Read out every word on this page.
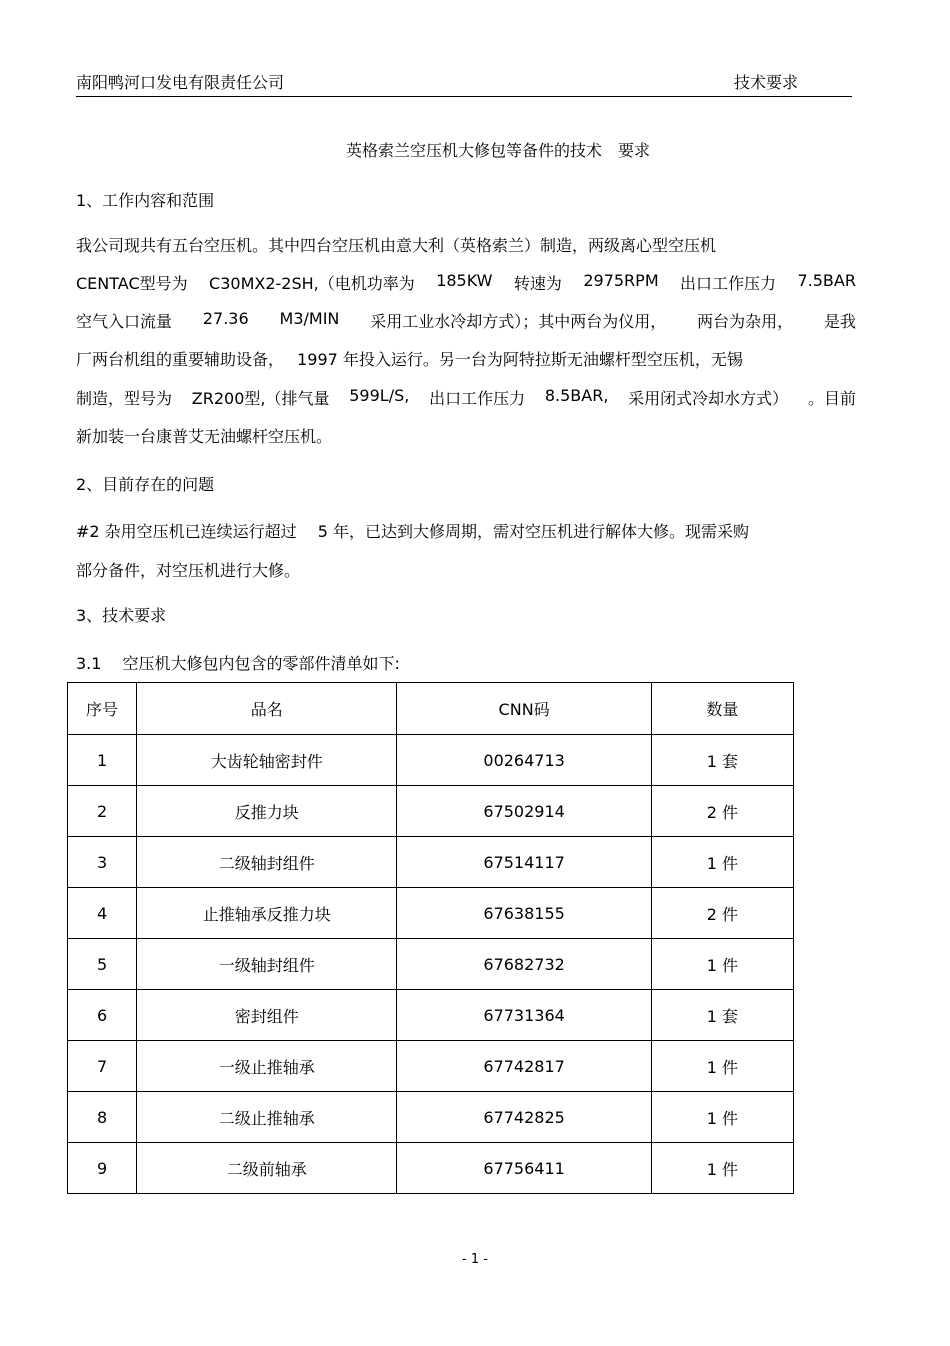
南阳鸭河口发电有限责任公司	技术要求
英格索兰空压机大修包等备件的技术　要求
1、工作内容和范围
我公司现共有五台空压机。其中四台空压机由意大利（英格索兰）制造，两级离心型空压机
CENTAC型号为 C30MX2-2SH,（电机功率为 185KW 转速为 2975RPM 出口工作压力 7.5BAR
空气入口流量 27.36 M3/MIN 采用工业水冷却方式）；其中两台为仪用， 两台为杂用， 是我
厂两台机组的重要辅助设备，　 1997 年投入运行。另一台为阿特拉斯无油螺杆型空压机，无锡
制造，型号为 ZR200型,（排气量 599L/S, 出口工作压力 8.5BAR, 采用闭式冷却水方式） 。目前
新加装一台康普艾无油螺杆空压机。
2、目前存在的问题
#2 杂用空压机已连续运行超过　 5 年，已达到大修周期，需对空压机进行解体大修。现需采购
部分备件，对空压机进行大修。
3、技术要求
3.1　 空压机大修包内包含的零部件清单如下:
序号	品名	CNN码	数量
1	大齿轮轴密封件	00264713	1 套
2	反推力块	67502914	2 件
3	二级轴封组件	67514117	1 件
4	止推轴承反推力块	67638155	2 件
5	一级轴封组件	67682732	1 件
6	密封组件	67731364	1 套
7	一级止推轴承	67742817	1 件
8	二级止推轴承	67742825	1 件
9	二级前轴承	67756411	1 件
- 1 -
